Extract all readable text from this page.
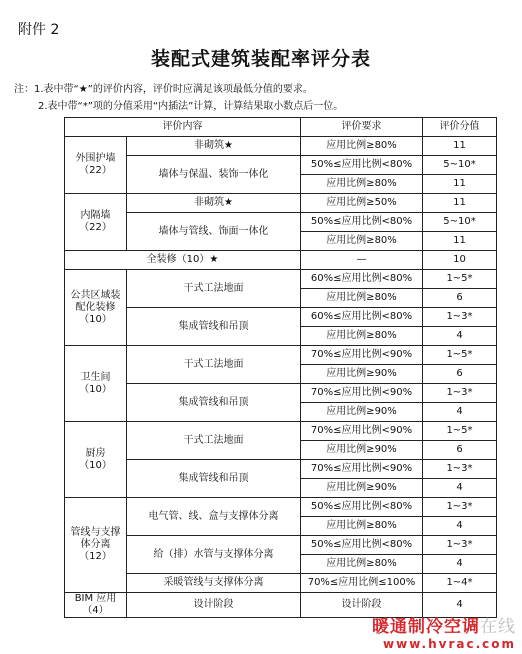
附件 2
装配式建筑装配率评分表
注：1.表中带“★”的评价内容，评价时应满足该项最低分值的要求。
2.表中带“*”项的分值采用“内插法”计算，计算结果取小数点后一位。
评价内容		评价要求	评价分值

外围护墙
（22）	非砌筑★	应用比例≥80%	11
	墙体与保温、装饰一体化	50%≤应用比例<80%	5~10*
		应用比例≥80%	11

内隔墙
（22）	非砌筑★	应用比例≥50%	11
	墙体与管线、饰面一体化	50%≤应用比例<80%	5~10*
		应用比例≥80%	11
全装修（10）★		—	10

公共区域装配化装修
（10）	干式工法地面	60%≤应用比例<80%	1~5*
		应用比例≥80%	6
	集成管线和吊顶	60%≤应用比例<80%	1~3*
		应用比例≥80%	4

卫生间
（10）	干式工法地面	70%≤应用比例<90%	1~5*
		应用比例≥90%	6
	集成管线和吊顶	70%≤应用比例<90%	1~3*
		应用比例≥90%	4

厨房
（10）	干式工法地面	70%≤应用比例<90%	1~5*
		应用比例≥90%	6
	集成管线和吊顶	70%≤应用比例<90%	1~3*
		应用比例≥90%	4

管线与支撑体分离
（12）	电气管、线、盒与支撑体分离	50%≤应用比例<80%	1~3*
		应用比例≥80%	4
	给（排）水管与支撑体分离	50%≤应用比例<80%	1~3*
		应用比例≥80%	4
	采暖管线与支撑体分离	70%≤应用比例≤100%	1~4*

BIM 应用
（4）	设计阶段	设计阶段	4
暖通制冷空调在线
www.hvrac.com
